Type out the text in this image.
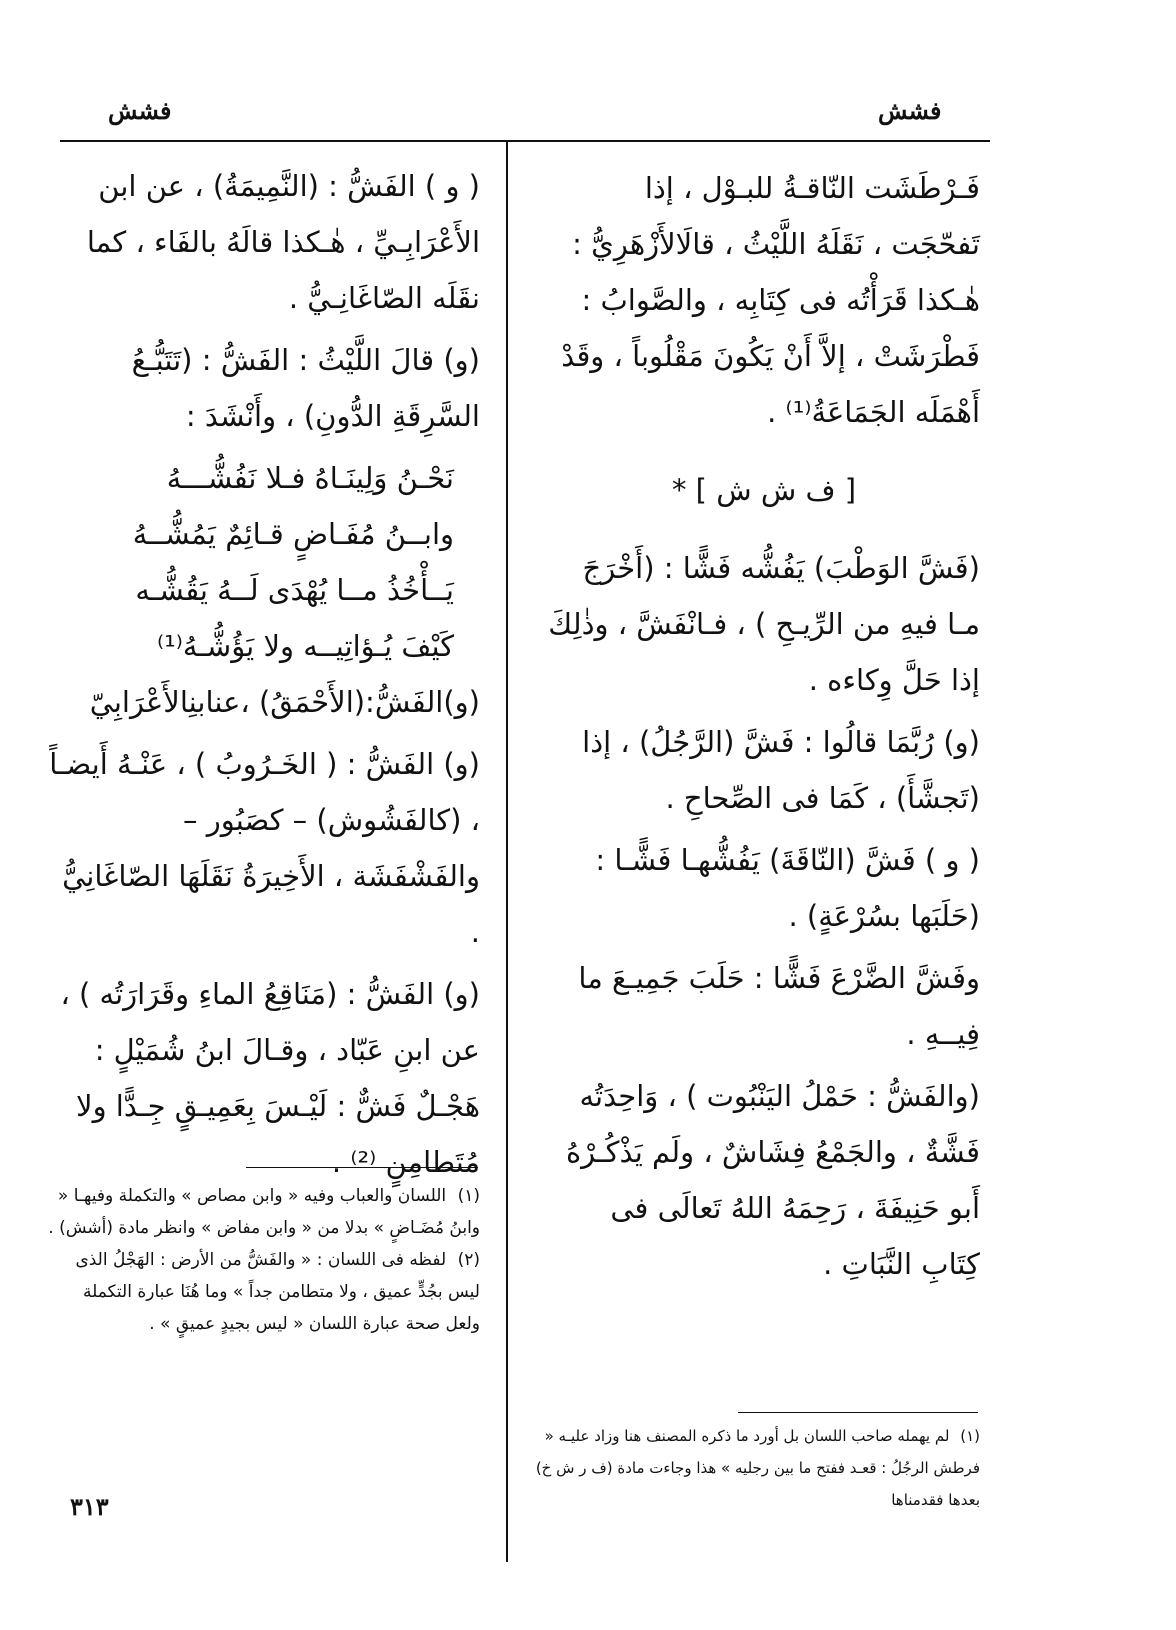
فشش
فشش

فَـرْطَشَت النّاقـةُ للبـوْل ، إذا تَفحّجَت ، نَقَلَهُ اللَّيْثُ ، قالَالأَزْهَرِيُّ : هٰـكذا قَرَأْتُه فى كِتَابِه ، والصَّوابُ : فَطْرَشَتْ ، إلاَّ أَنْ يَكُونَ مَقْلُوباً ، وقَدْ أَهْمَلَه الجَمَاعَةُ⁽¹⁾ .

[ ف ش ش ] *

(فَشَّ الوَطْبَ) يَفُشُّه فَشًّا : (أَخْرَجَ مـا فيهِ من الرِّيـحِ ) ، فـانْفَشَّ ، وذٰلِكَ إذا حَلَّ وِكاءه .

(و) رُبَّمَا قالُوا : فَشَّ (الرَّجُلُ) ، إذا (تَجشَّأَ) ، كَمَا فى الصِّحاحِ .

( و ) فَشَّ (النّاقَةَ) يَفُشُّهـا فَشًّـا : (حَلَبَها بسُرْعَةٍ) .

وفَشَّ الضَّرْعَ فَشًّا : حَلَبَ جَمِيـعَ ما فِيــهِ .

(والفَشُّ : حَمْلُ اليَنْبُوت ) ، وَاحِدَتُه فَشَّةٌ ، والجَمْعُ فِشَاشٌ ، ولَم يَذْكُـرْهُ أَبو حَنِيفَةَ ، رَحِمَهُ اللهُ تَعالَى فى كِتَابِ النَّبَاتِ .

( و ) الفَشُّ : (النَّمِيمَةُ) ، عن ابن الأَعْرَابِـيِّ ، هٰـكذا قالَهُ بالفَاء ، كما نقَلَه الصّاغَانِـيُّ .

(و) قالَ اللَّيْثُ : الفَشُّ : (تَتَبُّـعُ السَّرِقَةِ الدُّونِ) ، وأَنْشَدَ :

نَحْـنُ وَلِينَـاهُ فـلا نَفُشُّـــهُ
وابــنُ مُفَـاضٍ قـائِمٌ يَمُشُّــهُ
يَــأْخُذُ مــا يُهْدَى لَــهُ يَقُشُّـه
كَيْفَ يُـؤاتِيــه ولا يَؤُشُّـهُ⁽¹⁾

(و)الفَشُّ:(الأَحْمَقُ) ،عنابنِالأَعْرَابِيّ

(و) الفَشُّ : ( الخَـرُوبُ ) ، عَنْـهُ أَيضـاً ، (كالفَشُوش) – كصَبُور – والفَشْفَشَة ، الأَخِيرَةُ نَقَلَهَا الصّاغَانِيُّ .

(و) الفَشُّ : (مَنَاقِعُ الماءِ وقَرَارَتُه ) ، عن ابنِ عَبّاد ، وقـالَ ابنُ شُمَيْلٍ : هَجْـلٌ فَشٌّ : لَيْـسَ بِعَمِيـقٍ جِـدًّا ولا مُتَطامِنٍ ⁽²⁾ .

(١) لم يهمله صاحب اللسان بل أورد ما ذكره المصنف هنا وزاد عليـه « فرطش الرجُلُ : قعـد ففتح ما بين رجليه » هذا وجاءت مادة (ف ر ش خ) بعدها فقدمناها

(١) اللسان والعباب وفيه « وابن مصاص » والتكملة وفيهـا « وابنُ مُضَـاضٍ » بدلا من « وابن مفاض » وانظر مادة (أشش) .

(٢) لفظه فى اللسان : « والفَشُّ من الأرض : الهَجْلُ الذى ليس بجُدٍّ عميق ، ولا متطامن جداً » وما هُنَا عبارة التكملة ولعل صحة عبارة اللسان « ليس بجيدٍ عميقٍ » .

٣١٣
